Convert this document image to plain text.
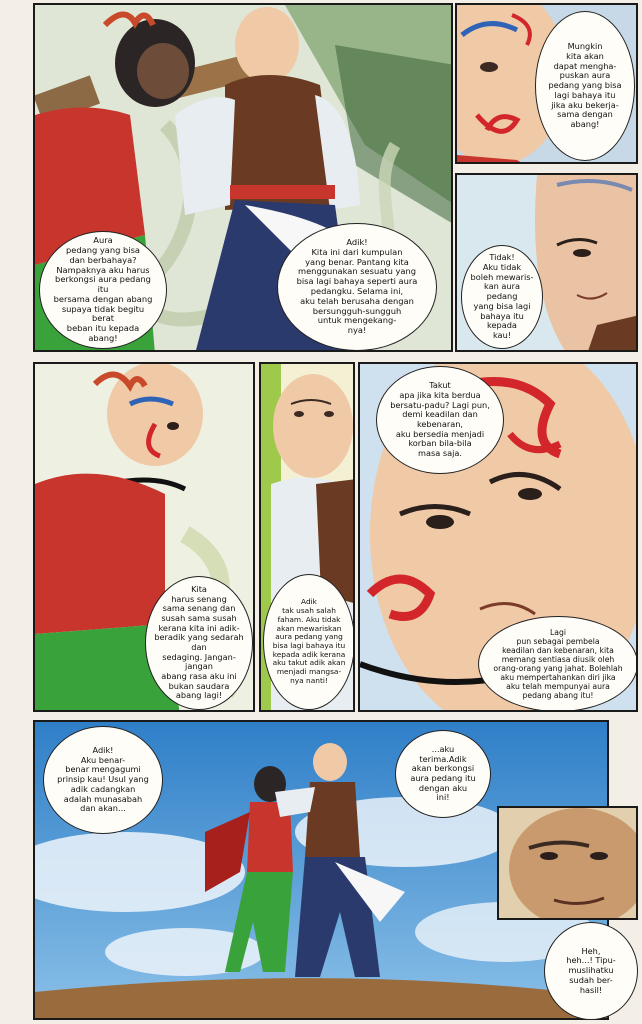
Aura
pedang yang bisa
dan berbahaya?
Nampaknya aku harus
berkongsi aura pedang itu
bersama dengan abang
supaya tidak begitu berat
beban itu kepada
abang!
Adik!
Kita ini dari kumpulan
yang benar. Pantang kita
menggunakan sesuatu yang
bisa lagi bahaya seperti aura
pedangku. Selama ini,
aku telah berusaha dengan
bersungguh-sungguh
untuk mengekang-
nya!
Mungkin
kita akan
dapat mengha-
puskan aura
pedang yang bisa
lagi bahaya itu
jika aku bekerja-
sama dengan
abang!
Tidak!
Aku tidak
boleh mewaris-
kan aura pedang
yang bisa lagi
bahaya itu
kepada
kau!
Kita
harus senang
sama senang dan
susah sama susah
kerana kita ini adik-
beradik yang sedarah dan
sedaging. Jangan-jangan
abang rasa aku ini
bukan saudara
abang lagi!
Adik
tak usah salah
faham. Aku tidak
akan mewariskan
aura pedang yang
bisa lagi bahaya itu
kepada adik kerana
aku takut adik akan
menjadi mangsa-
nya nanti!
Takut
apa jika kita berdua
bersatu-padu? Lagi pun,
demi keadilan dan kebenaran,
aku bersedia menjadi
korban bila-bila
masa saja.
Lagi
pun sebagai pembela
keadilan dan kebenaran, kita
memang sentiasa diusik oleh
orang-orang yang jahat. Bolehlah
aku mempertahankan diri jika
aku telah mempunyai aura
pedang abang itu!
Adik!
Aku benar-
benar mengagumi
prinsip kau! Usul yang
adik cadangkan
adalah munasabah
dan akan...
...aku
terima.Adik
akan berkongsi
aura pedang itu
dengan aku
ini!
Heh,
heh...! Tipu-
muslihatku
sudah ber-
hasil!
